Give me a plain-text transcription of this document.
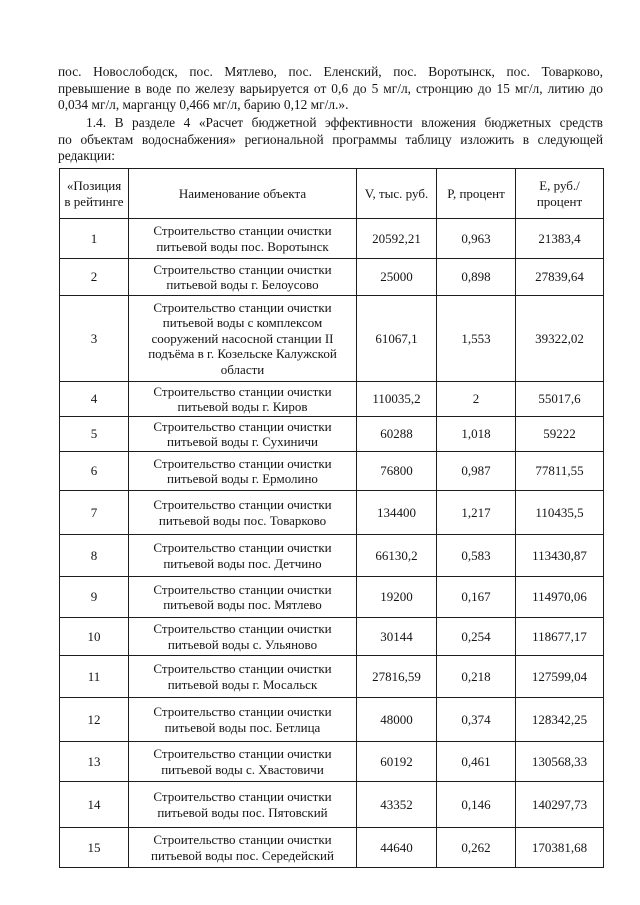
пос. Новослободск, пос. Мятлево, пос. Еленский, пос. Воротынск, пос. Товарково,
превышение в воде по железу варьируется от 0,6 до 5 мг/л, стронцию до 15 мг/л, литию до
0,034 мг/л, марганцу 0,466 мг/л, барию 0,12 мг/л.».
1.4. В разделе 4 «Расчет бюджетной эффективности вложения бюджетных средств
по объектам водоснабжения» региональной программы таблицу изложить в следующей
редакции:
«Позиция в рейтинге	Наименование объекта	V, тыс. руб.	P, процент	E, руб./ процент
1	Строительство станции очистки питьевой воды пос. Воротынск	20592,21	0,963	21383,4
2	Строительство станции очистки питьевой воды г. Белоусово	25000	0,898	27839,64
3	Строительство станции очистки питьевой воды с комплексом сооружений насосной станции II подъёма в г. Козельске Калужской области	61067,1	1,553	39322,02
4	Строительство станции очистки питьевой воды г. Киров	110035,2	2	55017,6
5	Строительство станции очистки питьевой воды г. Сухиничи	60288	1,018	59222
6	Строительство станции очистки питьевой воды г. Ермолино	76800	0,987	77811,55
7	Строительство станции очистки питьевой воды пос. Товарково	134400	1,217	110435,5
8	Строительство станции очистки питьевой воды пос. Детчино	66130,2	0,583	113430,87
9	Строительство станции очистки питьевой воды пос. Мятлево	19200	0,167	114970,06
10	Строительство станции очистки питьевой воды с. Ульяново	30144	0,254	118677,17
11	Строительство станции очистки питьевой воды г. Мосальск	27816,59	0,218	127599,04
12	Строительство станции очистки питьевой воды пос. Бетлица	48000	0,374	128342,25
13	Строительство станции очистки питьевой воды с. Хвастовичи	60192	0,461	130568,33
14	Строительство станции очистки питьевой воды пос. Пятовский	43352	0,146	140297,73
15	Строительство станции очистки питьевой воды пос. Середейский	44640	0,262	170381,68
